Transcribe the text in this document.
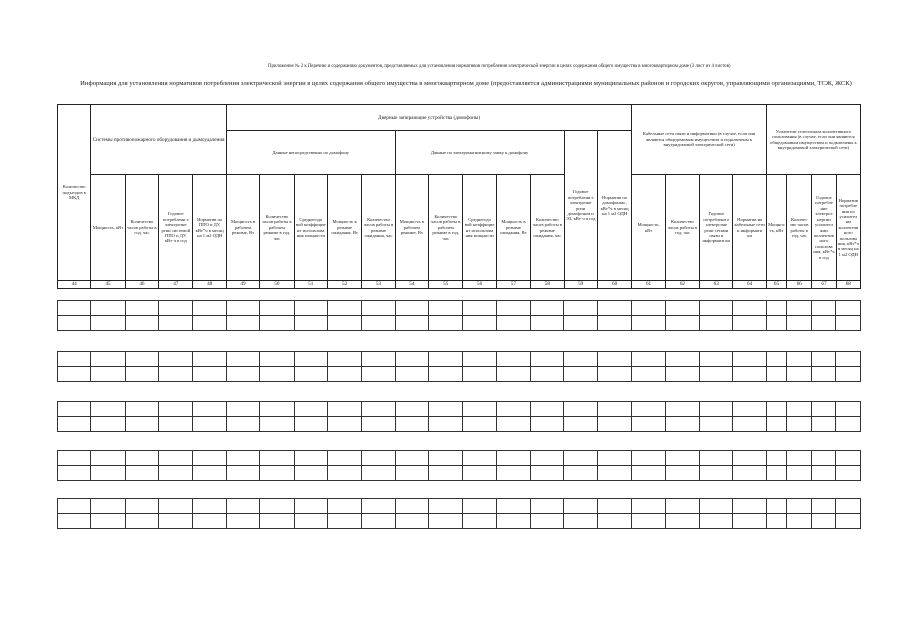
Приложение № 2 к Перечню и содержанию документов, представляемых для установления нормативов потребления электрической энергии в целях содержания общего имущества в многоквартирном доме (3 лист из 4 листов)
Информация для установления нормативов потребления электрической энергии в целях содержания общего имущества в многоквартирном доме (предоставляется администрациями муниципальных районов и городских округов, управляющими организациями, ТСЖ, ЖСК)
Количество подъездов в МКД	Системы противопожарного оборудования и дымоудаления				Дверные запирающие устройства (домофоны)												Кабельные сети связи и информатики (в случае, если они являются общедомовым имуществом и подключены к внутридомовой электрической сети)				Усилители телесигнала коллективного пользования (в случае, если они являются общедомовым имуществом и подключены к внутридомовой электрической сети)			
					Данные непосредственно по домофону					Данные по электромагнитному замку к домофону					Годовое потреблени е электроэне ргии домофоном и ЭЗ, кВт·ч в год	Норматив по домофонам , кВт*ч в месяц на 1 м2 ОДН								
	Мощность, кВт	Количество часов работы в год, час	Годовое потреблени е электроэне ргии системой ППО и ДУ, кВт·ч в год	Норматив по ППО и ДУ, кВт*ч в месяц на 1 м2 ОДН	Мощность в рабочем режиме, Вт	Количество часов работы в рабочем режиме в год, час	Среднегодо вой коэффицие нт использова ния мощности	Мощность в режиме ожидания, Вт	Количество часов работы в режиме ожидания, час	Мощность в рабочем режиме, Вт	Количество часов работы в рабочем режиме в год, час	Среднегодо вой коэффицие нт использова ния мощности	Мощность в режиме ожидания, Вт	Количество часов работы в режиме ожидания, час			Мощность, кВт	Количество часов работы в год, час	Годовое потреблени е электроэне ргии сетями связи и информати ки	Норматив на кабельные сети и информати ки	Мощнос ть, кВт	Количес тво часов работы в год, час	Годовое потребле ние электроэ нергии усилител ями коллектив ного пользова ния, кВт*ч в год	Норматив потребле ния по усилител ям коллектив ного пользова ния, кВт*ч в месяц на 1 м2 ОДН
44	45	46	47	48	49	50	51	52	53	54	55	56	57	58	59	60	61	62	63	64	65	66	67	68
